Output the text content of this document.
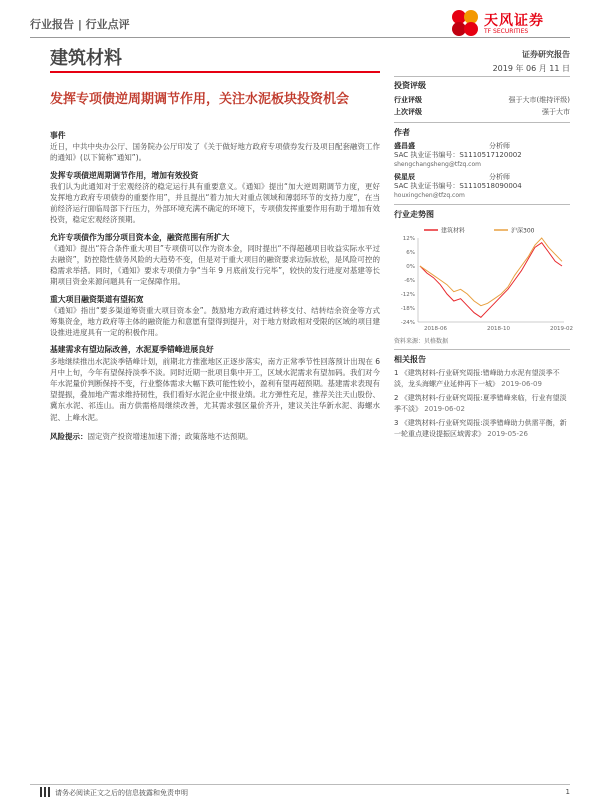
行业报告 | 行业点评	天风证券
TF SECURITIES
建筑材料	证券研究报告
2019 年 06 月 11 日
发挥专项债逆周期调节作用，关注水泥板块投资机会
事件

近日，中共中央办公厅、国务院办公厅印发了《关于做好地方政府专项债券发行及项目配套融资工作的通知》(以下简称“通知”)。

发挥专项债逆周期调节作用，增加有效投资

我们认为此通知对于宏观经济的稳定运行具有重要意义。《通知》提出“加大逆周期调节力度，更好发挥地方政府专项债券的重要作用”，并且提出“着力加大对重点领域和薄弱环节的支持力度”，在当前经济运行面临局部下行压力，外部环境充满不确定的环境下，专项债发挥重要作用有助于增加有效投资，稳定宏观经济预期。

允许专项债作为部分项目资本金，融资范围有所扩大

《通知》提出“符合条件重大项目”专项债可以作为资本金，同时提出“不得超越项目收益实际水平过去融资”，防控隐性债务风险的大趋势不变，但是对于重大项目的融资要求边际放松，是风险可控的稳需求举措。同时，《通知》要求专项债力争“当年 9 月底前发行完毕”，较快的发行进度对基建等长期项目资金来源问题具有一定保障作用。

重大项目融资渠道有望拓宽

《通知》指出“要多渠道筹资重大项目资本金”。鼓励地方政府通过转移支付、结转结余资金等方式筹集资金，地方政府等主体的融资能力和意愿有望得到提升，对于地方财政相对受限的区域的项目建设推进进度具有一定的积极作用。

基建需求有望边际改善，水泥夏季错峰进展良好

多地继续推出水泥淡季错峰计划，前期北方推涨地区正逐步落实，南方正常季节性回落预计出现在 6 月中上旬，今年有望保持淡季不淡。同时近期一批项目集中开工，区域水泥需求有望加码。我们对今年水泥量价判断保持不变，行业整体需求大幅下跌可能性较小，盈利有望再超预期。基建需求表现有望提振，叠加地产需求维持韧性，我们看好水泥企业中报业绩。北方弹性充足，推荐关注天山股份、冀东水泥、祁连山。南方供需格局继续改善，尤其需求强区量价齐升，建议关注华新水泥、海螺水泥、上峰水泥。

风险提示：固定资产投资增速加速下滑；政策落地不达预期。

投资评级
行业评级	强于大市(维持评级)
上次评级	强于大市
作者
盛昌盛	分析师
SAC 执业证书编号：S1110517120002
shengchangsheng@tfzq.com
侯星辰	分析师
SAC 执业证书编号：S1110518090004
houxingchen@tfzq.com
行业走势图
建筑材料	沪深300
12%
6%
0%
-6%
-12%
-18%
-24%
2018-06	2018-10	2019-02
资料来源：贝格数据
相关报告
1 《建筑材料-行业研究周报:错峰助力水泥有望淡季不淡，龙头海螺产业延伸再下一城》 2019-06-09
2 《建筑材料-行业研究周报:夏季错峰来临，行业有望淡季不淡》 2019-06-02
3 《建筑材料-行业研究周报:淡季错峰助力供需平衡，新一轮重点建设提振区域需求》 2019-05-26
请务必阅读正文之后的信息披露和免责申明	1
